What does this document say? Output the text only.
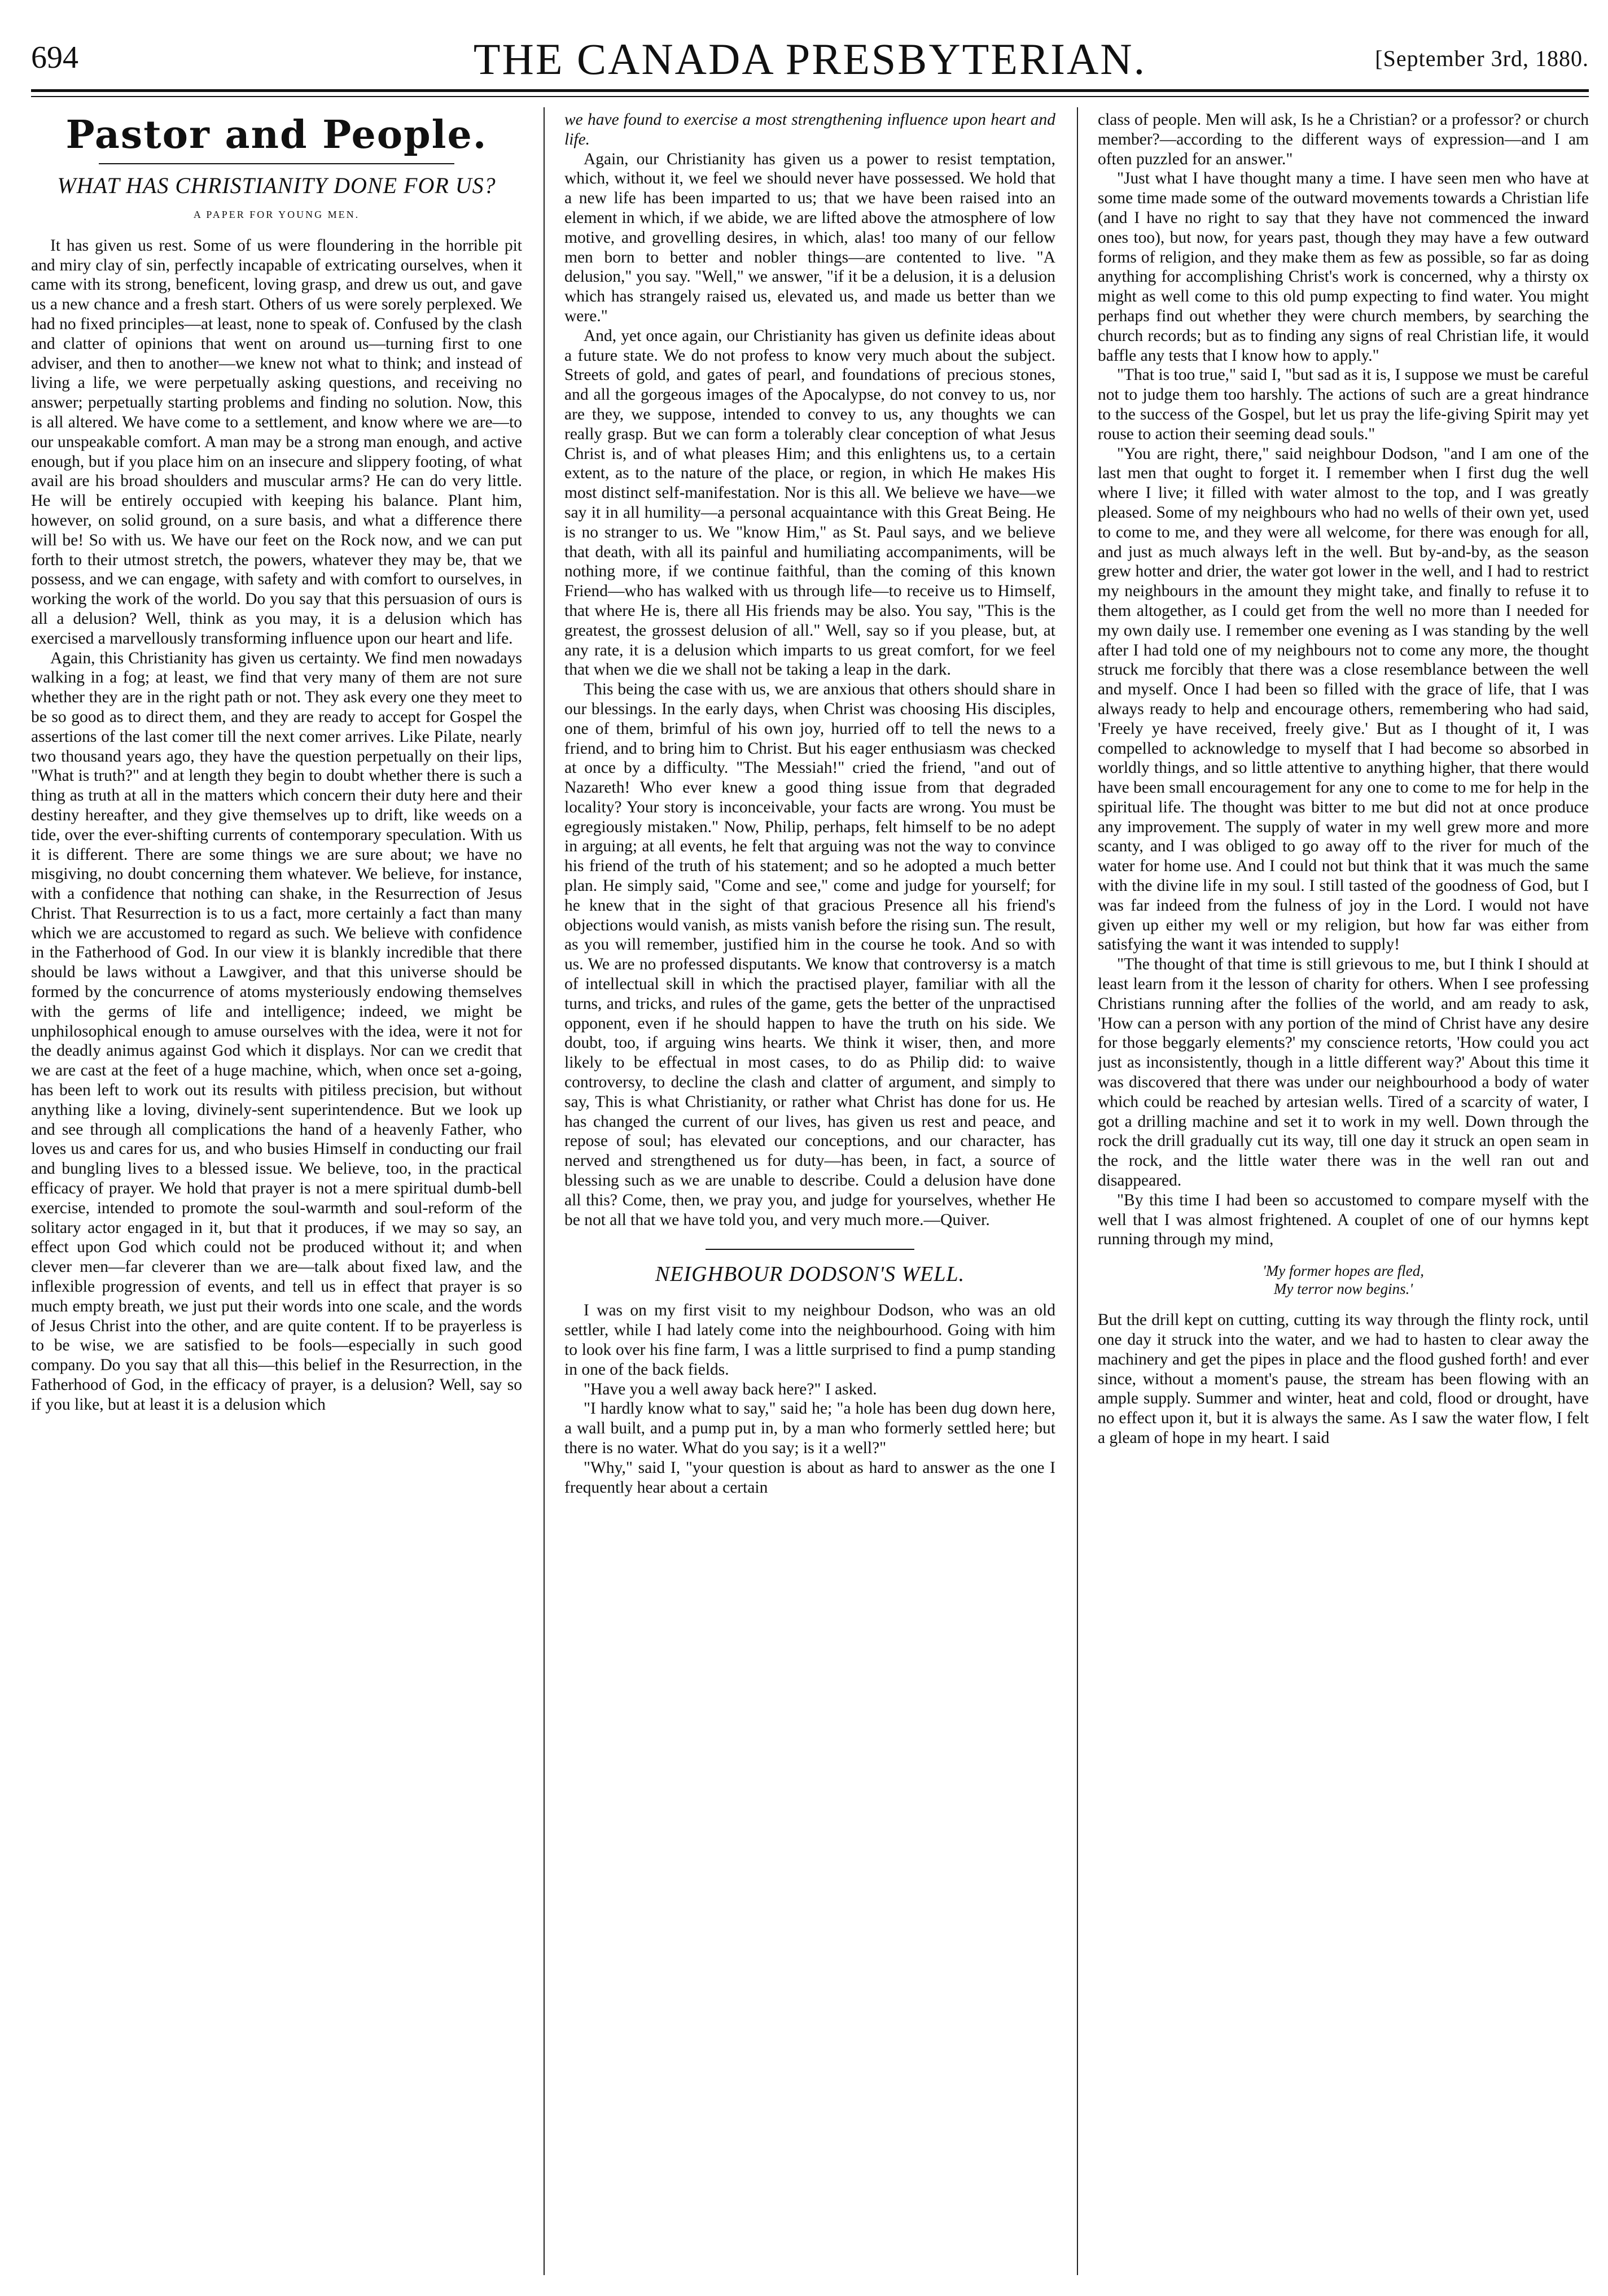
694	THE CANADA PRESBYTERIAN.	[September 3rd, 1880.
Pastor and People.
WHAT HAS CHRISTIANITY DONE FOR US?
A PAPER FOR YOUNG MEN.

It has given us rest. Some of us were floundering in the horrible pit and miry clay of sin, perfectly incapable of extricating ourselves, when it came with its strong, beneficent, loving grasp, and drew us out, and gave us a new chance and a fresh start. Others of us were sorely perplexed. We had no fixed principles—at least, none to speak of. Confused by the clash and clatter of opinions that went on around us—turning first to one adviser, and then to another—we knew not what to think; and instead of living a life, we were perpetually asking questions, and receiving no answer; perpetually starting problems and finding no solution. Now, this is all altered. We have come to a settlement, and know where we are—to our unspeakable comfort. A man may be a strong man enough, and active enough, but if you place him on an insecure and slippery footing, of what avail are his broad shoulders and muscular arms? He can do very little. He will be entirely occupied with keeping his balance. Plant him, however, on solid ground, on a sure basis, and what a difference there will be! So with us. We have our feet on the Rock now, and we can put forth to their utmost stretch, the powers, whatever they may be, that we possess, and we can engage, with safety and with comfort to ourselves, in working the work of the world. Do you say that this persuasion of ours is all a delusion? Well, think as you may, it is a delusion which has exercised a marvellously transforming influence upon our heart and life.

Again, this Christianity has given us certainty. We find men nowadays walking in a fog; at least, we find that very many of them are not sure whether they are in the right path or not. They ask every one they meet to be so good as to direct them, and they are ready to accept for Gospel the assertions of the last comer till the next comer arrives. Like Pilate, nearly two thousand years ago, they have the question perpetually on their lips, "What is truth?" and at length they begin to doubt whether there is such a thing as truth at all in the matters which concern their duty here and their destiny hereafter, and they give themselves up to drift, like weeds on a tide, over the ever-shifting currents of contemporary speculation. With us it is different. There are some things we are sure about; we have no misgiving, no doubt concerning them whatever. We believe, for instance, with a confidence that nothing can shake, in the Resurrection of Jesus Christ. That Resurrection is to us a fact, more certainly a fact than many which we are accustomed to regard as such. We believe with confidence in the Fatherhood of God. In our view it is blankly incredible that there should be laws without a Lawgiver, and that this universe should be formed by the concurrence of atoms mysteriously endowing themselves with the germs of life and intelligence; indeed, we might be unphilosophical enough to amuse ourselves with the idea, were it not for the deadly animus against God which it displays. Nor can we credit that we are cast at the feet of a huge machine, which, when once set a-going, has been left to work out its results with pitiless precision, but without anything like a loving, divinely-sent superintendence. But we look up and see through all complications the hand of a heavenly Father, who loves us and cares for us, and who busies Himself in conducting our frail and bungling lives to a blessed issue. We believe, too, in the practical efficacy of prayer. We hold that prayer is not a mere spiritual dumb-bell exercise, intended to promote the soul-warmth and soul-reform of the solitary actor engaged in it, but that it produces, if we may so say, an effect upon God which could not be produced without it; and when clever men—far cleverer than we are—talk about fixed law, and the inflexible progression of events, and tell us in effect that prayer is so much empty breath, we just put their words into one scale, and the words of Jesus Christ into the other, and are quite content. If to be prayerless is to be wise, we are satisfied to be fools—especially in such good company. Do you say that all this—this belief in the Resurrection, in the Fatherhood of God, in the efficacy of prayer, is a delusion? Well, say so if you like, but at least it is a delusion which

we have found to exercise a most strengthening influence upon heart and life.

Again, our Christianity has given us a power to resist temptation, which, without it, we feel we should never have possessed. We hold that a new life has been imparted to us; that we have been raised into an element in which, if we abide, we are lifted above the atmosphere of low motive, and grovelling desires, in which, alas! too many of our fellow men born to better and nobler things—are contented to live. "A delusion," you say. "Well," we answer, "if it be a delusion, it is a delusion which has strangely raised us, elevated us, and made us better than we were."

And, yet once again, our Christianity has given us definite ideas about a future state. We do not profess to know very much about the subject. Streets of gold, and gates of pearl, and foundations of precious stones, and all the gorgeous images of the Apocalypse, do not convey to us, nor are they, we suppose, intended to convey to us, any thoughts we can really grasp. But we can form a tolerably clear conception of what Jesus Christ is, and of what pleases Him; and this enlightens us, to a certain extent, as to the nature of the place, or region, in which He makes His most distinct self-manifestation. Nor is this all. We believe we have—we say it in all humility—a personal acquaintance with this Great Being. He is no stranger to us. We "know Him," as St. Paul says, and we believe that death, with all its painful and humiliating accompaniments, will be nothing more, if we continue faithful, than the coming of this known Friend—who has walked with us through life—to receive us to Himself, that where He is, there all His friends may be also. You say, "This is the greatest, the grossest delusion of all." Well, say so if you please, but, at any rate, it is a delusion which imparts to us great comfort, for we feel that when we die we shall not be taking a leap in the dark.

This being the case with us, we are anxious that others should share in our blessings. In the early days, when Christ was choosing His disciples, one of them, brimful of his own joy, hurried off to tell the news to a friend, and to bring him to Christ. But his eager enthusiasm was checked at once by a difficulty. "The Messiah!" cried the friend, "and out of Nazareth! Who ever knew a good thing issue from that degraded locality? Your story is inconceivable, your facts are wrong. You must be egregiously mistaken." Now, Philip, perhaps, felt himself to be no adept in arguing; at all events, he felt that arguing was not the way to convince his friend of the truth of his statement; and so he adopted a much better plan. He simply said, "Come and see," come and judge for yourself; for he knew that in the sight of that gracious Presence all his friend's objections would vanish, as mists vanish before the rising sun. The result, as you will remember, justified him in the course he took. And so with us. We are no professed disputants. We know that controversy is a match of intellectual skill in which the practised player, familiar with all the turns, and tricks, and rules of the game, gets the better of the unpractised opponent, even if he should happen to have the truth on his side. We doubt, too, if arguing wins hearts. We think it wiser, then, and more likely to be effectual in most cases, to do as Philip did: to waive controversy, to decline the clash and clatter of argument, and simply to say, This is what Christianity, or rather what Christ has done for us. He has changed the current of our lives, has given us rest and peace, and repose of soul; has elevated our conceptions, and our character, has nerved and strengthened us for duty—has been, in fact, a source of blessing such as we are unable to describe. Could a delusion have done all this? Come, then, we pray you, and judge for yourselves, whether He be not all that we have told you, and very much more.—Quiver.

NEIGHBOUR DODSON'S WELL.

I was on my first visit to my neighbour Dodson, who was an old settler, while I had lately come into the neighbourhood. Going with him to look over his fine farm, I was a little surprised to find a pump standing in one of the back fields.

"Have you a well away back here?" I asked.

"I hardly know what to say," said he; "a hole has been dug down here, a wall built, and a pump put in, by a man who formerly settled here; but there is no water. What do you say; is it a well?"

"Why," said I, "your question is about as hard to answer as the one I frequently hear about a certain

class of people. Men will ask, Is he a Christian? or a professor? or church member?—according to the different ways of expression—and I am often puzzled for an answer."

"Just what I have thought many a time. I have seen men who have at some time made some of the outward movements towards a Christian life (and I have no right to say that they have not commenced the inward ones too), but now, for years past, though they may have a few outward forms of religion, and they make them as few as possible, so far as doing anything for accomplishing Christ's work is concerned, why a thirsty ox might as well come to this old pump expecting to find water. You might perhaps find out whether they were church members, by searching the church records; but as to finding any signs of real Christian life, it would baffle any tests that I know how to apply."

"That is too true," said I, "but sad as it is, I suppose we must be careful not to judge them too harshly. The actions of such are a great hindrance to the success of the Gospel, but let us pray the life-giving Spirit may yet rouse to action their seeming dead souls."

"You are right, there," said neighbour Dodson, "and I am one of the last men that ought to forget it. I remember when I first dug the well where I live; it filled with water almost to the top, and I was greatly pleased. Some of my neighbours who had no wells of their own yet, used to come to me, and they were all welcome, for there was enough for all, and just as much always left in the well. But by-and-by, as the season grew hotter and drier, the water got lower in the well, and I had to restrict my neighbours in the amount they might take, and finally to refuse it to them altogether, as I could get from the well no more than I needed for my own daily use. I remember one evening as I was standing by the well after I had told one of my neighbours not to come any more, the thought struck me forcibly that there was a close resemblance between the well and myself. Once I had been so filled with the grace of life, that I was always ready to help and encourage others, remembering who had said, 'Freely ye have received, freely give.' But as I thought of it, I was compelled to acknowledge to myself that I had become so absorbed in worldly things, and so little attentive to anything higher, that there would have been small encouragement for any one to come to me for help in the spiritual life. The thought was bitter to me but did not at once produce any improvement. The supply of water in my well grew more and more scanty, and I was obliged to go away off to the river for much of the water for home use. And I could not but think that it was much the same with the divine life in my soul. I still tasted of the goodness of God, but I was far indeed from the fulness of joy in the Lord. I would not have given up either my well or my religion, but how far was either from satisfying the want it was intended to supply!

"The thought of that time is still grievous to me, but I think I should at least learn from it the lesson of charity for others. When I see professing Christians running after the follies of the world, and am ready to ask, 'How can a person with any portion of the mind of Christ have any desire for those beggarly elements?' my conscience retorts, 'How could you act just as inconsistently, though in a little different way?' About this time it was discovered that there was under our neighbourhood a body of water which could be reached by artesian wells. Tired of a scarcity of water, I got a drilling machine and set it to work in my well. Down through the rock the drill gradually cut its way, till one day it struck an open seam in the rock, and the little water there was in the well ran out and disappeared.

"By this time I had been so accustomed to compare myself with the well that I was almost frightened. A couplet of one of our hymns kept running through my mind,

'My former hopes are fled,
My terror now begins.'

But the drill kept on cutting, cutting its way through the flinty rock, until one day it struck into the water, and we had to hasten to clear away the machinery and get the pipes in place and the flood gushed forth! and ever since, without a moment's pause, the stream has been flowing with an ample supply. Summer and winter, heat and cold, flood or drought, have no effect upon it, but it is always the same. As I saw the water flow, I felt a gleam of hope in my heart. I said
